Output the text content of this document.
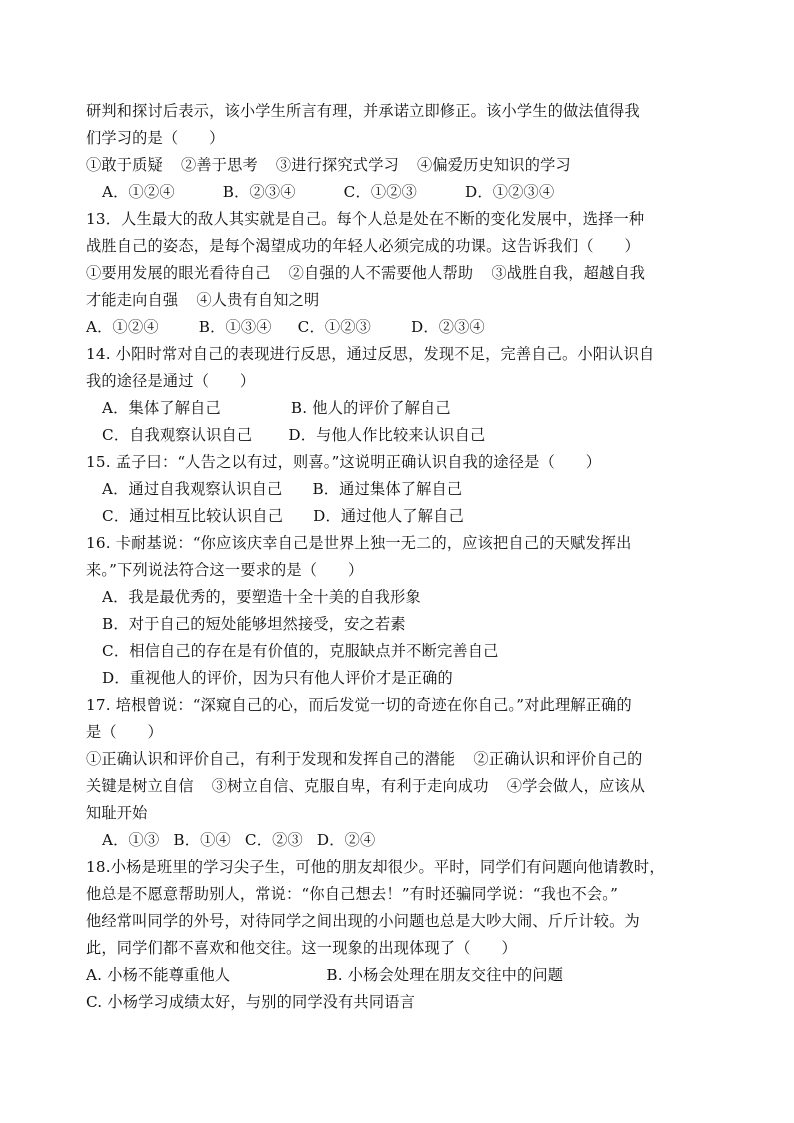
研判和探讨后表示，该小学生所言有理，并承诺立即修正。该小学生的做法值得我
们学习的是（　　）
①敢于质疑 ②善于思考 ③进行探究式学习 ④偏爱历史知识的学习
A．①②④	B．②③④	C．①②③	D．①②③④
13．人生最大的敌人其实就是自己。每个人总是处在不断的变化发展中，选择一种
战胜自己的姿态，是每个渴望成功的年轻人必须完成的功课。这告诉我们（　　）
①要用发展的眼光看待自己 ②自强的人不需要他人帮助 ③战胜自我，超越自我
才能走向自强 ④人贵有自知之明
A．①②④	B．①③④ C．①②③	D．②③④
14. 小阳时常对自己的表现进行反思，通过反思，发现不足，完善自己。小阳认识自
我的途径是通过（　　）
A．集体了解自己	B. 他人的评价了解自己
C．自我观察认识自己 D．与他人作比较来认识自己
15. 孟子曰：“人告之以有过，则喜。”这说明正确认识自我的途径是（　　）
A．通过自我观察认识自己 B．通过集体了解自己
C．通过相互比较认识自己 D．通过他人了解自己
16. 卡耐基说：“你应该庆幸自己是世界上独一无二的，应该把自己的天赋发挥出
来。”下列说法符合这一要求的是（　　）
A．我是最优秀的，要塑造十全十美的自我形象
B．对于自己的短处能够坦然接受，安之若素
C．相信自己的存在是有价值的，克服缺点并不断完善自己
D．重视他人的评价，因为只有他人评价才是正确的
17. 培根曾说：“深窥自己的心，而后发觉一切的奇迹在你自己。”对此理解正确的
是（　　）
①正确认识和评价自己，有利于发现和发挥自己的潜能 ②正确认识和评价自己的
关键是树立自信 ③树立自信、克服自卑，有利于走向成功 ④学会做人，应该从
知耻开始
A．①③ B．①④ C．②③ D．②④
18.小杨是班里的学习尖子生，可他的朋友却很少。平时，同学们有问题向他请教时，
他总是不愿意帮助别人，常说：“你自己想去！”有时还骗同学说：“我也不会。”
他经常叫同学的外号，对待同学之间出现的小问题也总是大吵大闹、斤斤计较。为
此，同学们都不喜欢和他交往。这一现象的出现体现了（　　）
A. 小杨不能尊重他人	B. 小杨会处理在朋友交往中的问题
C. 小杨学习成绩太好，与别的同学没有共同语言
